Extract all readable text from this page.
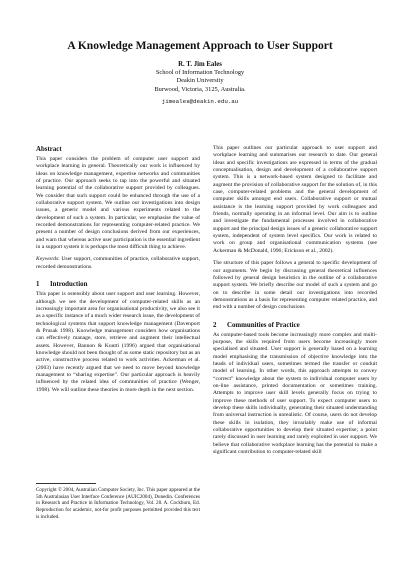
A Knowledge Management Approach to User Support
R. T. Jim Eales
School of Information Technology
Deakin University
Burwood, Victoria, 3125, Australia.
jimeales@deakin.edu.au
Abstract

This paper considers the problem of computer user support and workplace learning in general. Theoretically our work is influenced by ideas on knowledge management, expertise networks and communities of practice. Our approach seeks to tap into the powerful and situated learning potential of the collaborative support provided by colleagues. We consider that such support could be enhanced through the use of a collaborative support system. We outline our investigations into design issues, a generic model and various experiments related to the development of such a system. In particular, we emphasise the value of recorded demonstrations for representing computer-related practice. We present a number of design conclusions derived from our experiences, and warn that whereas active user participation is the essential ingredient in a support system it is perhaps the most difficult thing to achieve.

Keywords: User support, communities of practice, collaborative support, recorded demonstrations.

1 Introduction

This paper is ostensibly about user support and user learning. However, although we see the development of computer-related skills as an increasingly important area for organisational productivity, we also see it as a specific instance of a much wider research issue, the development of technological systems that support knowledge management (Davenport & Prusak 1998). Knowledge management considers how organisations can effectively manage, store, retrieve and augment their intellectual assets. However, Bannon & Kuutti (1996) argued that organisational knowledge should not been thought of as some static repository but as an active, constructive process related to work activities. Ackerman et al. (2003) have recently argued that we need to move beyond knowledge management to “sharing expertise”. Our particular approach is heavily influenced by the related idea of communities of practice (Wenger, 1998). We will outline these theories in more depth in the next section.

Copyright © 2004, Australian Computer Society, Inc. This paper appeared at the 5th Australasian User Interface Conference (AUIC2004), Dunedin. Conferences in Research and Practice in Information Technology, Vol. 28. A. Cockburn, Ed. Reproduction for academic, not-for profit purposes permitted provided this text is included.

This paper outlines our particular approach to user support and workplace learning and summarises our research to date. Our general ideas and specific investigations are expressed in terms of the gradual conceptualisation, design and development of a collaborative support system. This is a network-based system designed to facilitate and augment the provision of collaborative support for the solution of, in this case, computer-related problems and the general development of computer skills amongst end users. Collaborative support or mutual assistance is the learning support provided by work colleagues and friends, normally operating in an informal level. Our aim is to outline and investigate the fundamental processes involved in collaborative support and the principal design issues of a generic collaborative support system, independent of system level specifics. Our work is related to work on group and organisational communication systems (see Ackerman & McDonald, 1996; Erickson et al., 2002).

The structure of this paper follows a general to specific development of our arguments. We begin by discussing general theoretical influences followed by general design heuristics in the outline of a collaborative support system. We briefly describe our model of such a system and go on to describe in some detail our investigations into recorded demonstrations as a basis for representing computer related practice, and end with a number of design conclusions

2 Communities of Practice

As computer-based tools become increasingly more complex and multi-purpose, the skills required from users become increasingly more specialised and situated. User support is generally based on a learning model emphasising the transmission of objective knowledge into the heads of individual users, sometimes termed the transfer or conduit model of learning. In other words, this approach attempts to convey “correct” knowledge about the system to individual computer users by on-line assistance, printed documentation or sometimes training. Attempts to improve user skill levels generally focus on trying to improve these methods of user support. To expect computer users to develop these skills individually, generating their situated understanding from universal instruction is unrealistic. Of course, users do not develop these skills in isolation, they invariably make use of informal collaborative opportunities to develop their situated expertise; a point rarely discussed in user learning and rarely exploited in user support. We believe that collaborative workplace learning has the potential to make a significant contribution to computer-related skill
